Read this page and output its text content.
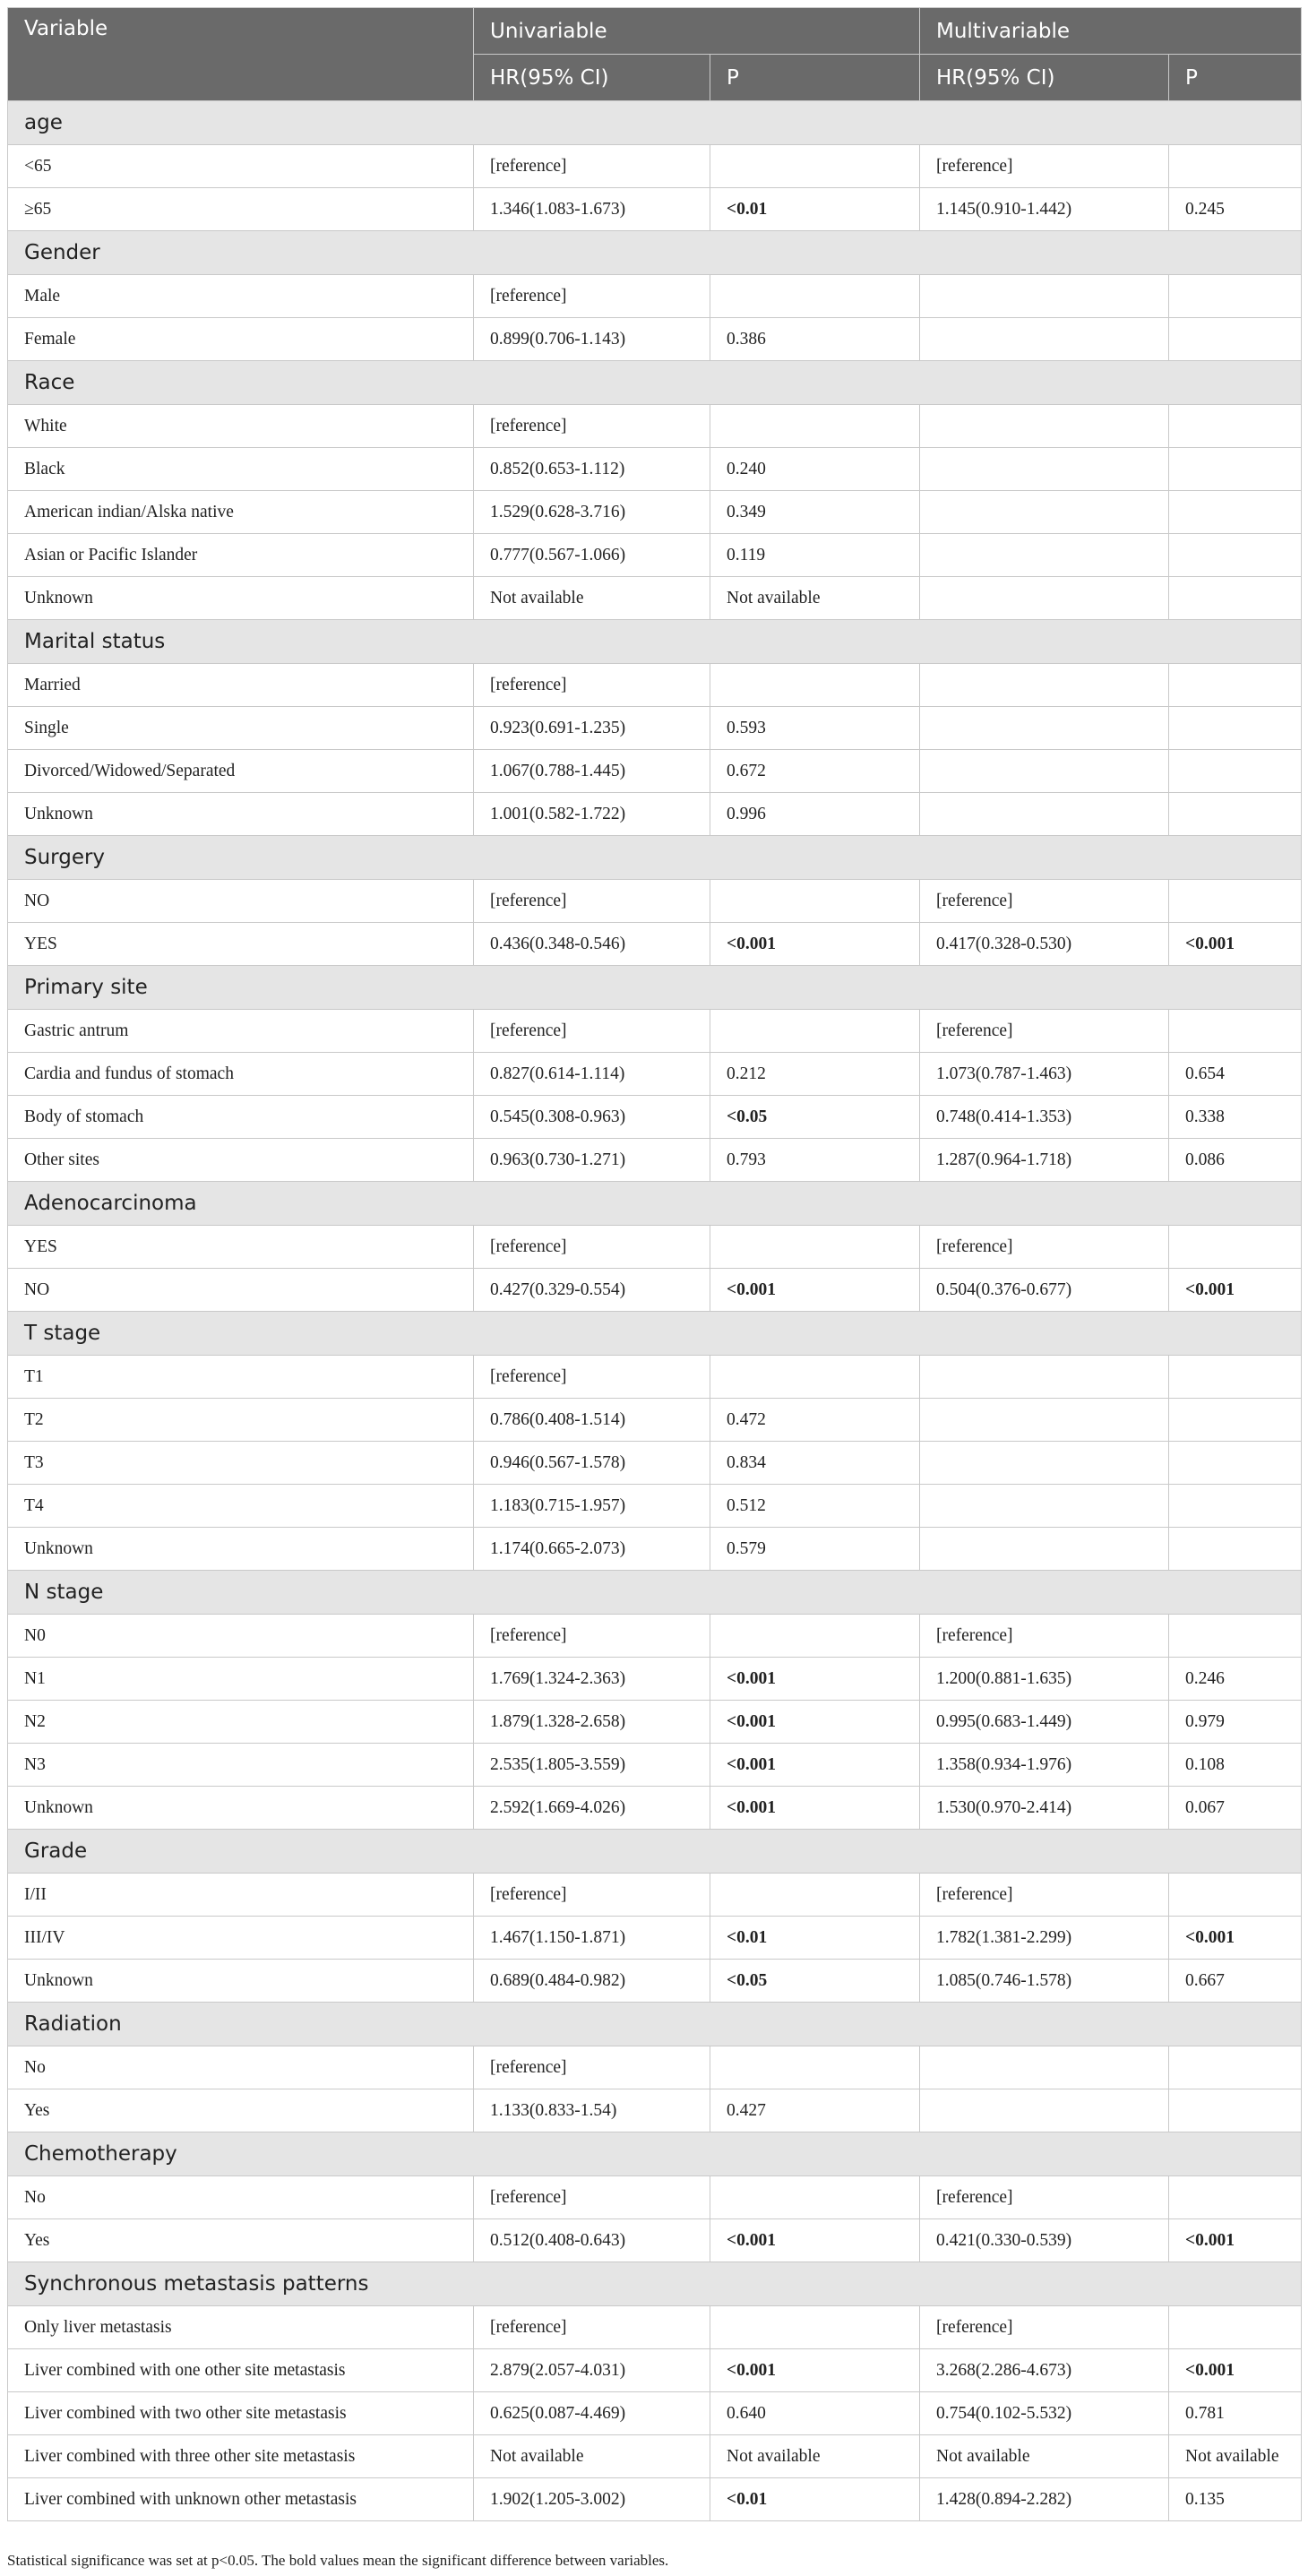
Variable	Univariable		Multivariable	
	HR(95% CI)	P	HR(95% CI)	P
age				
<65	[reference]		[reference]	
≥65	1.346(1.083-1.673)	<0.01	1.145(0.910-1.442)	0.245
Gender				
Male	[reference]			
Female	0.899(0.706-1.143)	0.386		
Race				
White	[reference]			
Black	0.852(0.653-1.112)	0.240		
American indian/Alska native	1.529(0.628-3.716)	0.349		
Asian or Pacific Islander	0.777(0.567-1.066)	0.119		
Unknown	Not available	Not available		
Marital status				
Married	[reference]			
Single	0.923(0.691-1.235)	0.593		
Divorced/Widowed/Separated	1.067(0.788-1.445)	0.672		
Unknown	1.001(0.582-1.722)	0.996		
Surgery				
NO	[reference]		[reference]	
YES	0.436(0.348-0.546)	<0.001	0.417(0.328-0.530)	<0.001
Primary site				
Gastric antrum	[reference]		[reference]	
Cardia and fundus of stomach	0.827(0.614-1.114)	0.212	1.073(0.787-1.463)	0.654
Body of stomach	0.545(0.308-0.963)	<0.05	0.748(0.414-1.353)	0.338
Other sites	0.963(0.730-1.271)	0.793	1.287(0.964-1.718)	0.086
Adenocarcinoma				
YES	[reference]		[reference]	
NO	0.427(0.329-0.554)	<0.001	0.504(0.376-0.677)	<0.001
T stage				
T1	[reference]			
T2	0.786(0.408-1.514)	0.472		
T3	0.946(0.567-1.578)	0.834		
T4	1.183(0.715-1.957)	0.512		
Unknown	1.174(0.665-2.073)	0.579		
N stage				
N0	[reference]		[reference]	
N1	1.769(1.324-2.363)	<0.001	1.200(0.881-1.635)	0.246
N2	1.879(1.328-2.658)	<0.001	0.995(0.683-1.449)	0.979
N3	2.535(1.805-3.559)	<0.001	1.358(0.934-1.976)	0.108
Unknown	2.592(1.669-4.026)	<0.001	1.530(0.970-2.414)	0.067
Grade				
I/II	[reference]		[reference]	
III/IV	1.467(1.150-1.871)	<0.01	1.782(1.381-2.299)	<0.001
Unknown	0.689(0.484-0.982)	<0.05	1.085(0.746-1.578)	0.667
Radiation				
No	[reference]			
Yes	1.133(0.833-1.54)	0.427		
Chemotherapy				
No	[reference]		[reference]	
Yes	0.512(0.408-0.643)	<0.001	0.421(0.330-0.539)	<0.001
Synchronous metastasis patterns				
Only liver metastasis	[reference]		[reference]	
Liver combined with one other site metastasis	2.879(2.057-4.031)	<0.001	3.268(2.286-4.673)	<0.001
Liver combined with two other site metastasis	0.625(0.087-4.469)	0.640	0.754(0.102-5.532)	0.781
Liver combined with three other site metastasis	Not available	Not available	Not available	Not available
Liver combined with unknown other metastasis	1.902(1.205-3.002)	<0.01	1.428(0.894-2.282)	0.135
Statistical significance was set at p<0.05. The bold values mean the significant difference between variables.
